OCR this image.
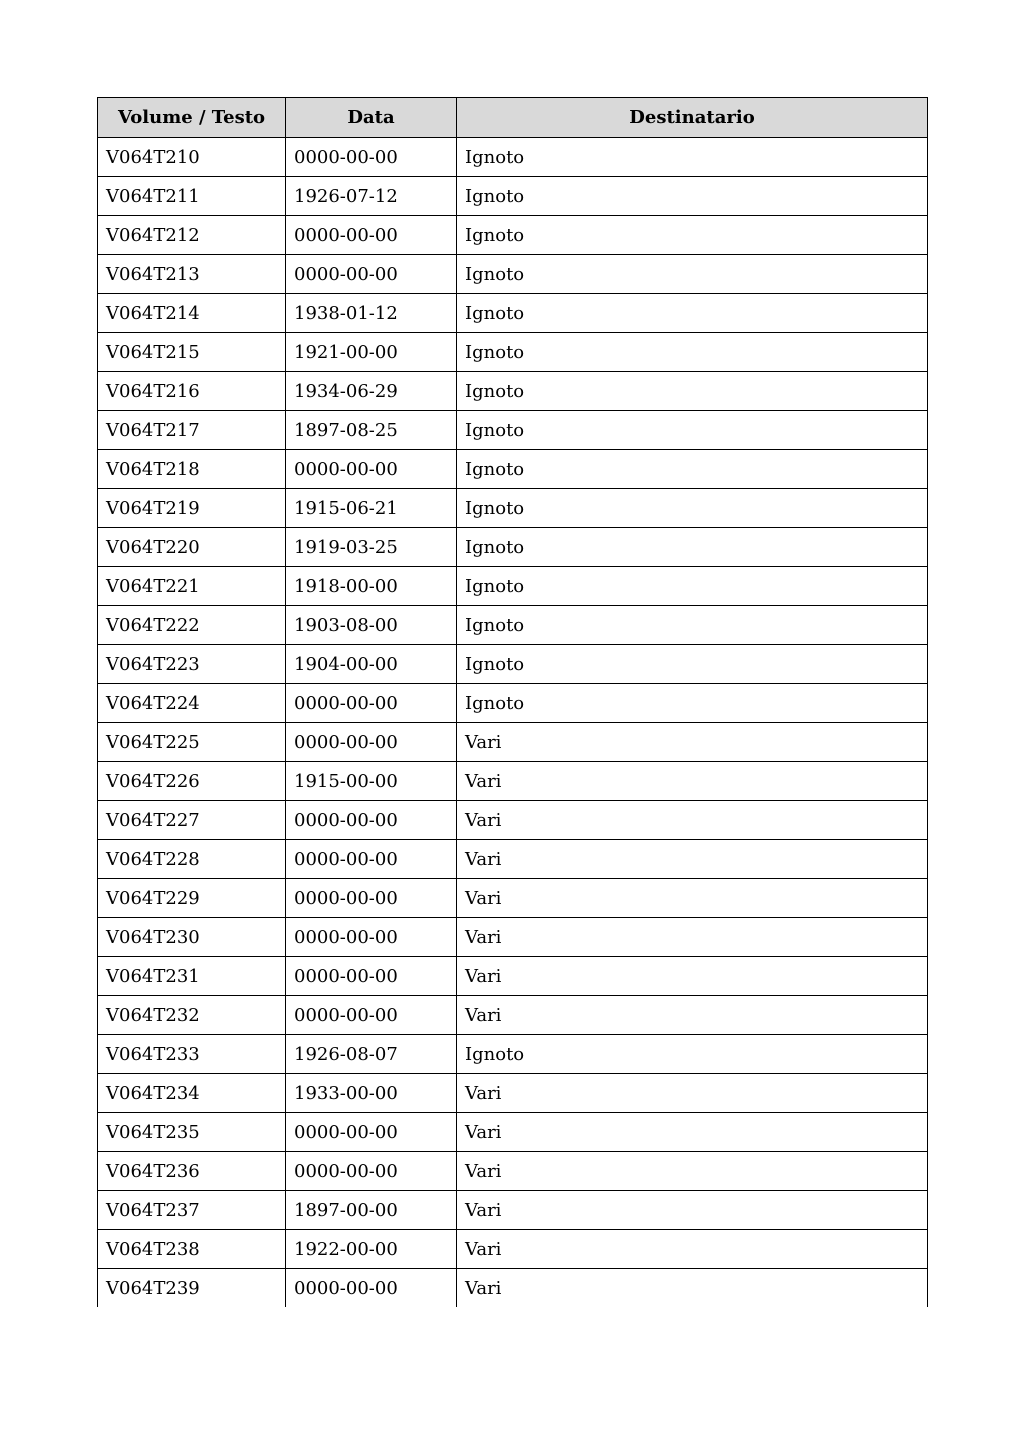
Volume / Testo	Data	Destinatario
V064T210	0000-00-00	Ignoto
V064T211	1926-07-12	Ignoto
V064T212	0000-00-00	Ignoto
V064T213	0000-00-00	Ignoto
V064T214	1938-01-12	Ignoto
V064T215	1921-00-00	Ignoto
V064T216	1934-06-29	Ignoto
V064T217	1897-08-25	Ignoto
V064T218	0000-00-00	Ignoto
V064T219	1915-06-21	Ignoto
V064T220	1919-03-25	Ignoto
V064T221	1918-00-00	Ignoto
V064T222	1903-08-00	Ignoto
V064T223	1904-00-00	Ignoto
V064T224	0000-00-00	Ignoto
V064T225	0000-00-00	Vari
V064T226	1915-00-00	Vari
V064T227	0000-00-00	Vari
V064T228	0000-00-00	Vari
V064T229	0000-00-00	Vari
V064T230	0000-00-00	Vari
V064T231	0000-00-00	Vari
V064T232	0000-00-00	Vari
V064T233	1926-08-07	Ignoto
V064T234	1933-00-00	Vari
V064T235	0000-00-00	Vari
V064T236	0000-00-00	Vari
V064T237	1897-00-00	Vari
V064T238	1922-00-00	Vari
V064T239	0000-00-00	Vari
